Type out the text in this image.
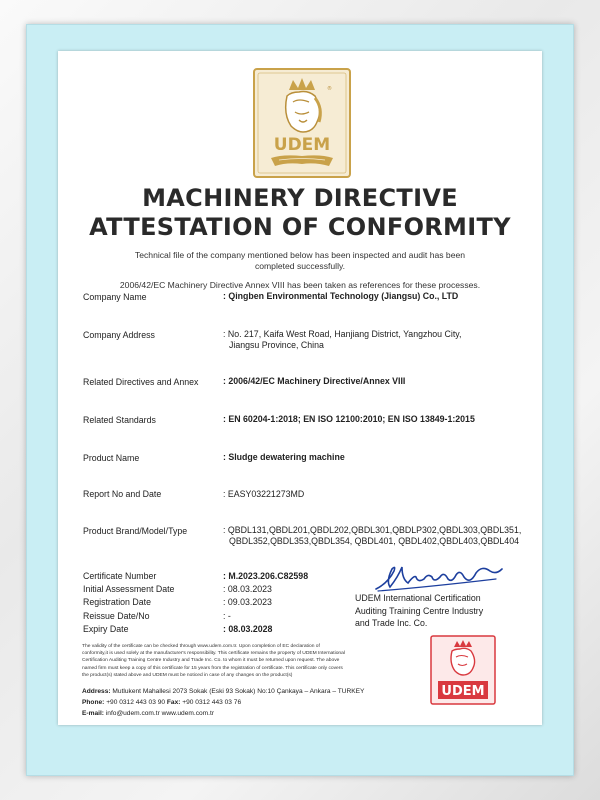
®
UDEM
MACHINERY DIRECTIVE
ATTESTATION OF CONFORMITY
Technical file of the company mentioned below has been inspected and audit has been
completed successfully.
2006/42/EC Machinery Directive Annex VIII has been taken as references for these processes.
Company Name	: Qingben Environmental Technology (Jiangsu) Co., LTD
Company Address	: No. 217, Kaifa West Road, Hanjiang District, Yangzhou City,
Jiangsu Province, China
Related Directives and Annex	: 2006/42/EC Machinery Directive/Annex VIII
Related Standards	: EN 60204-1:2018; EN ISO 12100:2010; EN ISO 13849-1:2015
Product Name	: Sludge dewatering machine
Report No and Date	: EASY03221273MD
Product Brand/Model/Type	: QBDL131,QBDL201,QBDL202,QBDL301,QBDLP302,QBDL303,QBDL351,
QBDL352,QBDL353,QBDL354, QBDL401, QBDL402,QBDL403,QBDL404
Certificate Number	: M.2023.206.C82598
Initial Assessment Date	: 08.03.2023
Registration Date	: 09.03.2023
Reissue Date/No	: -
Expiry Date	: 08.03.2028
UDEM International Certification
Auditing Training Centre Industry
and Trade Inc. Co.
The validity of the certificate can be checked through www.udem.com.tr. Upon completion of EC declaration of
conformity,it is used solely at the manufacturer's responsibility. This certificate remains the property of UDEM International
Certification Auditing Training Centre Industry and Trade Inc. Co. to whom it must be returned upon request. The above
named firm must keep a copy of this certificate for 15 years from the registration of certificate. This certificate only covers
the product(s) stated above and UDEM must be noticed in case of any changes on the product(s)
Address: Mutlukent Mahallesi 2073 Sokak (Eski 93 Sokak) No:10 Çankaya – Ankara – TURKEY
Phone: +90 0312 443 03 90 Fax: +90 0312 443 03 76
E-mail: info@udem.com.tr www.udem.com.tr
UDEM
